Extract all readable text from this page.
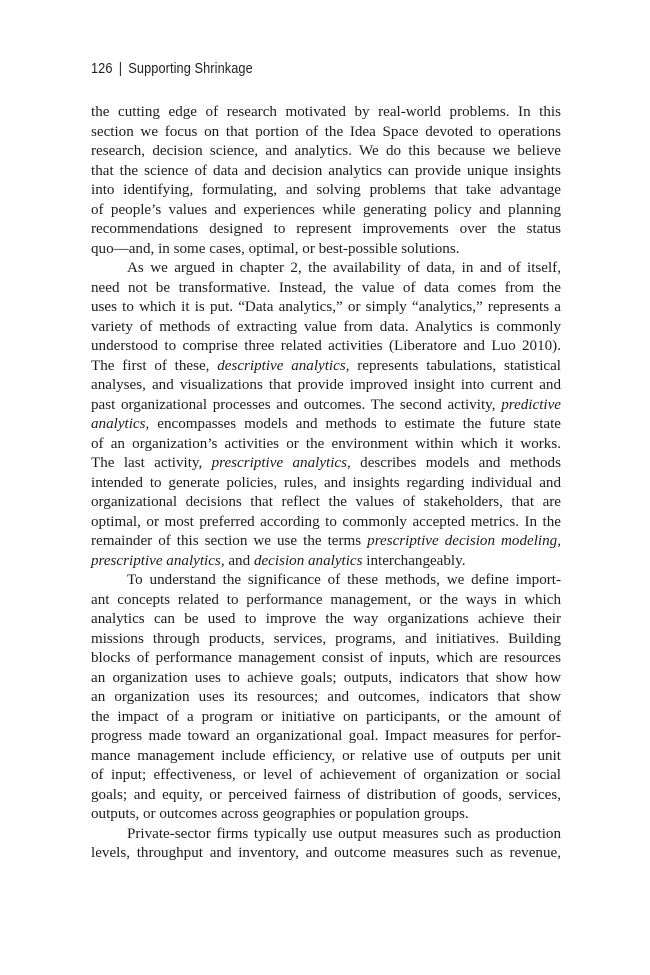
126 | Supporting Shrinkage
the cutting edge of research motivated by real-world problems. In this
section we focus on that portion of the Idea Space devoted to operations
research, decision science, and analytics. We do this because we believe
that the science of data and decision analytics can provide unique insights
into identifying, formulating, and solving problems that take advantage
of people’s values and experiences while generating policy and planning
recommendations designed to represent improvements over the status
quo—and, in some cases, optimal, or best-possible solutions.
As we argued in chapter 2, the availability of data, in and of itself,
need not be transformative. Instead, the value of data comes from the
uses to which it is put. “Data analytics,” or simply “analytics,” represents a
variety of methods of extracting value from data. Analytics is commonly
understood to comprise three related activities (Liberatore and Luo 2010).
The first of these, descriptive analytics, represents tabulations, statistical
analyses, and visualizations that provide improved insight into current and
past organizational processes and outcomes. The second activity, predictive
analytics, encompasses models and methods to estimate the future state
of an organization’s activities or the environment within which it works.
The last activity, prescriptive analytics, describes models and methods
intended to generate policies, rules, and insights regarding individual and
organizational decisions that reflect the values of stakeholders, that are
optimal, or most preferred according to commonly accepted metrics. In the
remainder of this section we use the terms prescriptive decision modeling,
prescriptive analytics, and decision analytics interchangeably.
To understand the significance of these methods, we define import-
ant concepts related to performance management, or the ways in which
analytics can be used to improve the way organizations achieve their
missions through products, services, programs, and initiatives. Building
blocks of performance management consist of inputs, which are resources
an organization uses to achieve goals; outputs, indicators that show how
an organization uses its resources; and outcomes, indicators that show
the impact of a program or initiative on participants, or the amount of
progress made toward an organizational goal. Impact measures for perfor-
mance management include efficiency, or relative use of outputs per unit
of input; effectiveness, or level of achievement of organization or social
goals; and equity, or perceived fairness of distribution of goods, services,
outputs, or outcomes across geographies or population groups.
Private-sector firms typically use output measures such as production
levels, throughput and inventory, and outcome measures such as revenue,
